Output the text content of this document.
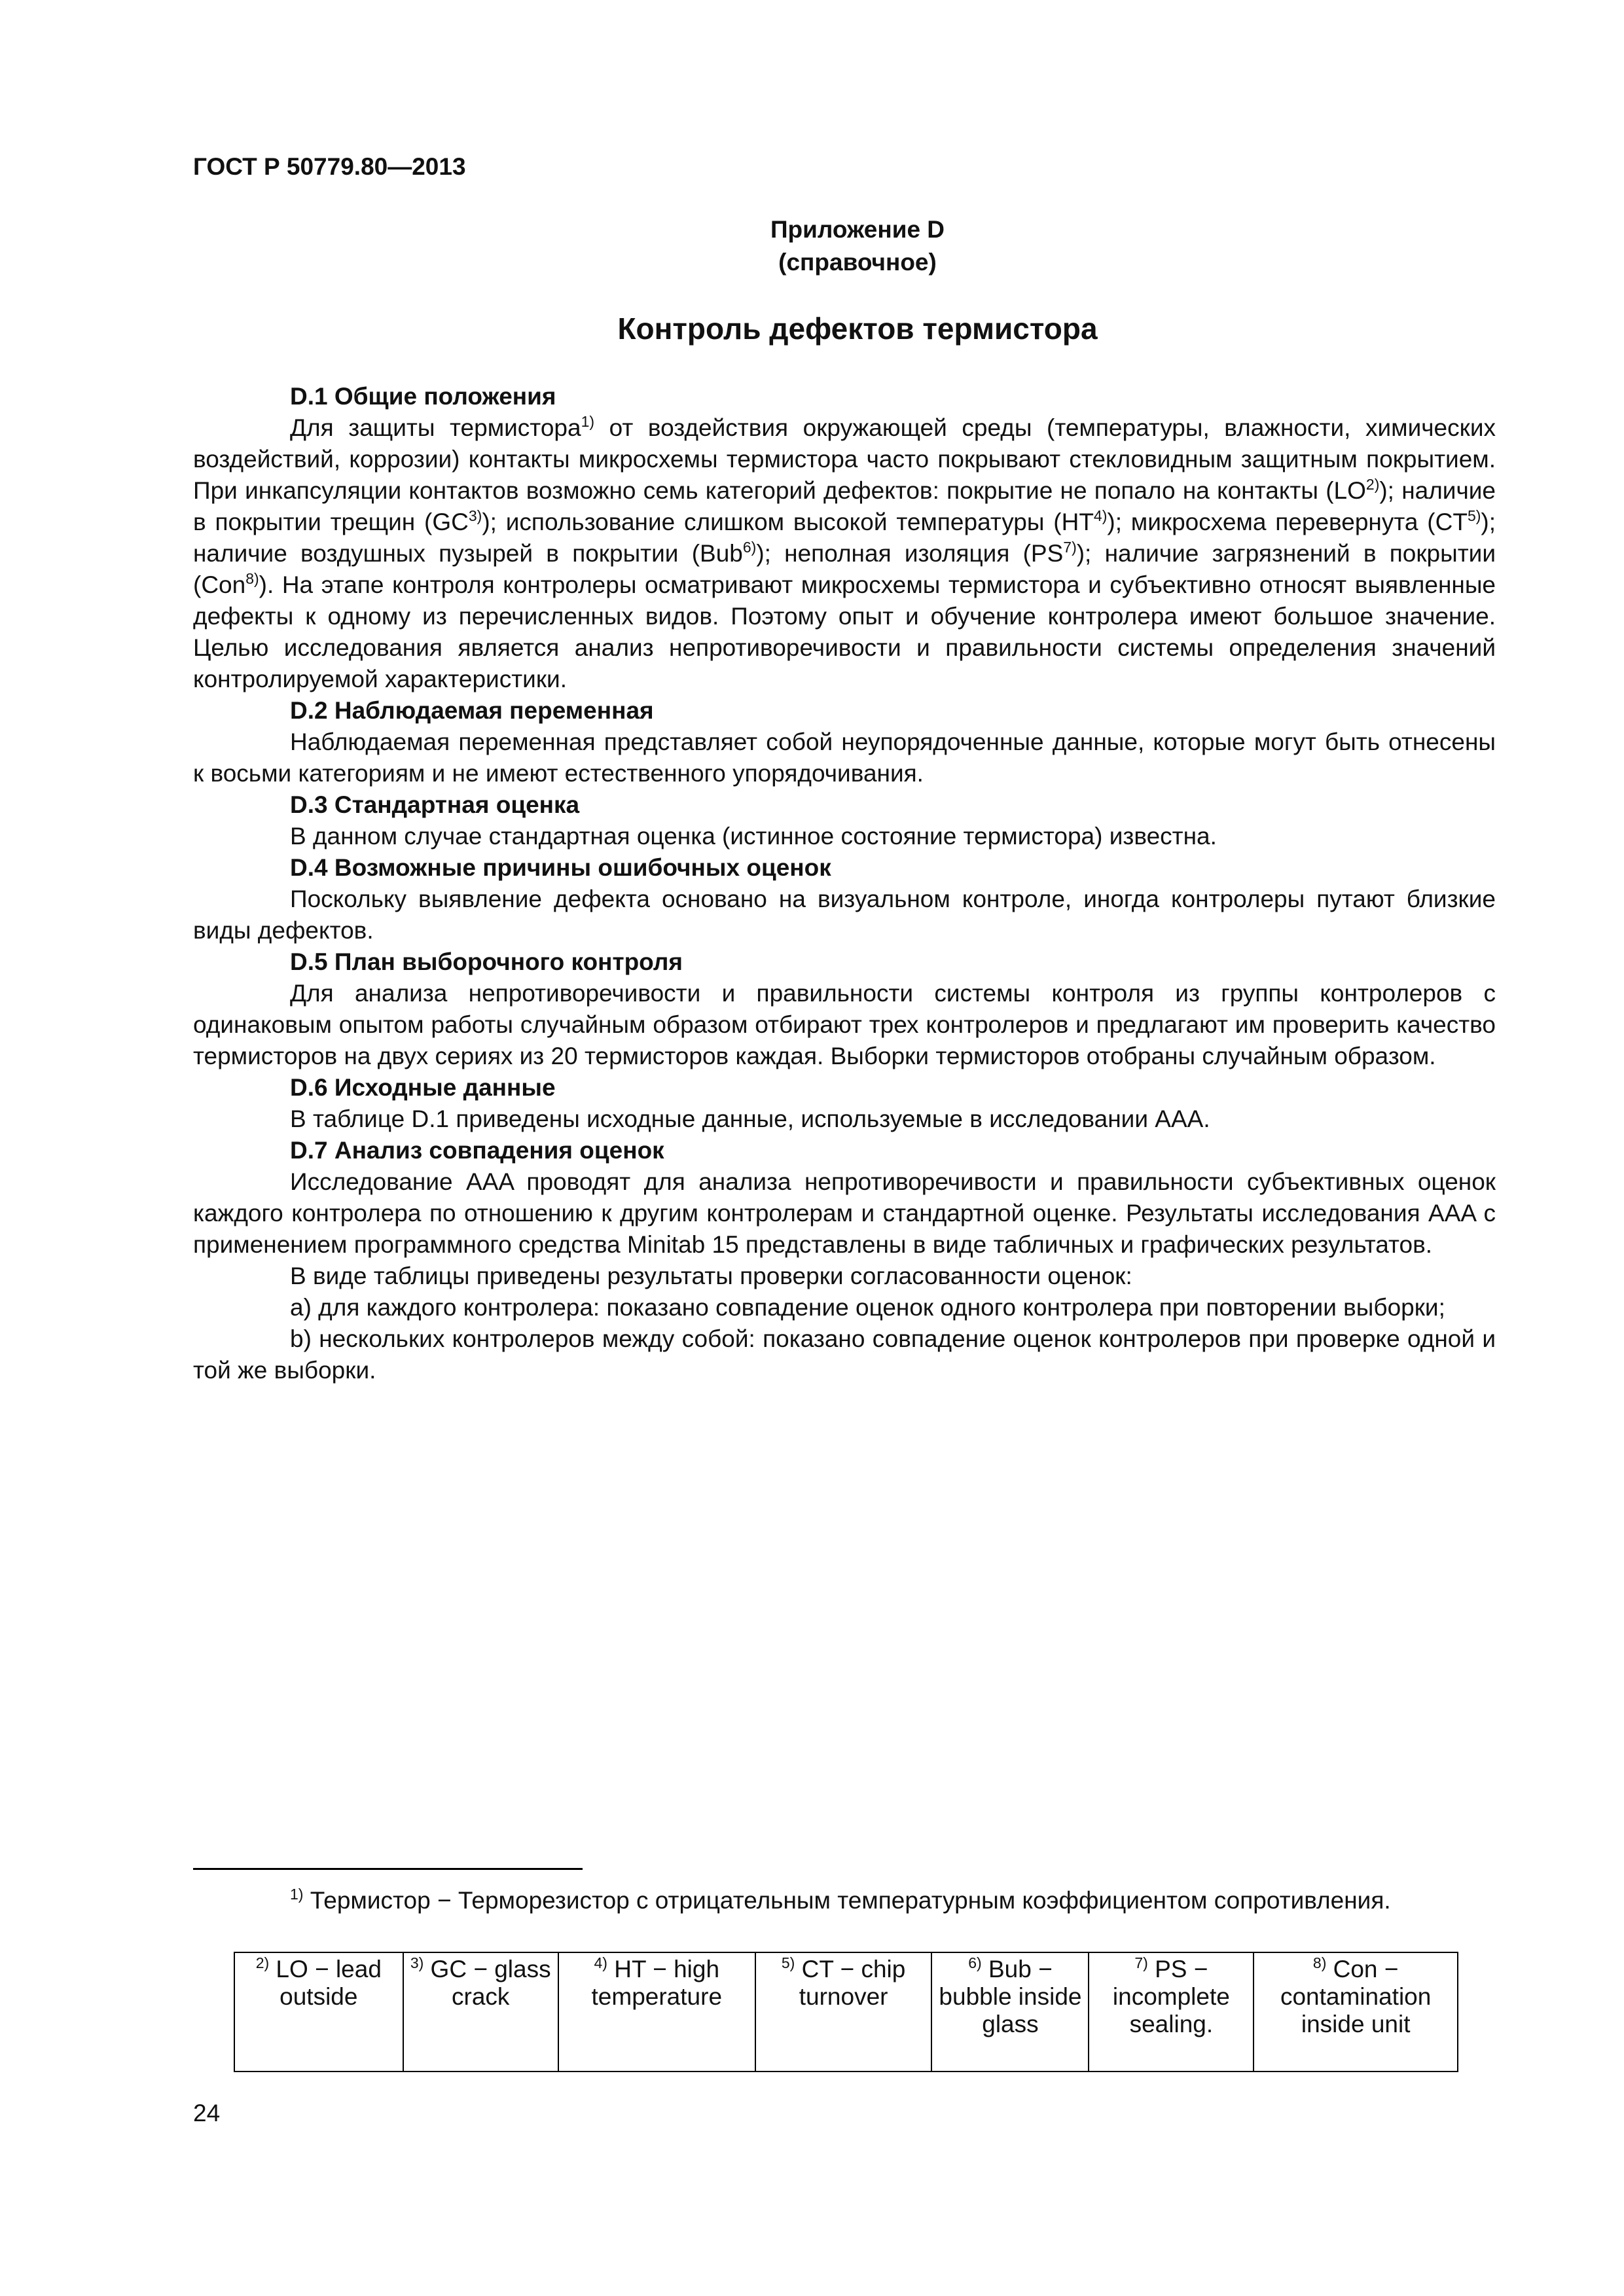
ГОСТ Р 50779.80—2013
Приложение D
(справочное)
Контроль дефектов термистора
D.1 Общие положения

Для защиты термистора$^{1)}$ от воздействия окружающей среды (температуры, влажности, химических воздействий, коррозии) контакты микросхемы термистора часто покрывают стекловидным защитным покрытием. При инкапсуляции контактов возможно семь категорий дефектов: покрытие не попало на контакты (LO$^{2)}$); наличие в покрытии трещин (GC$^{3)}$); использование слишком высокой температуры (HT$^{4)}$); микросхема перевернута (CT$^{5)}$); наличие воздушных пузырей в покрытии (Bub$^{6)}$); неполная изоляция (PS$^{7)}$); наличие загрязнений в покрытии (Con$^{8)}$). На этапе контроля контролеры осматривают микросхемы термистора и субъективно относят выявленные дефекты к одному из перечисленных видов. Поэтому опыт и обучение контролера имеют большое значение. Целью исследования является анализ непротиворечивости и правильности системы определения значений контролируемой характеристики.

D.2 Наблюдаемая переменная

Наблюдаемая переменная представляет собой неупорядоченные данные, которые могут быть отнесены к восьми категориям и не имеют естественного упорядочивания.

D.3 Стандартная оценка

В данном случае стандартная оценка (истинное состояние термистора) известна.

D.4 Возможные причины ошибочных оценок

Поскольку выявление дефекта основано на визуальном контроле, иногда контролеры путают близкие виды дефектов.

D.5 План выборочного контроля

Для анализа непротиворечивости и правильности системы контроля из группы контролеров с одинаковым опытом работы случайным образом отбирают трех контролеров и предлагают им проверить качество термисторов на двух сериях из 20 термисторов каждая. Выборки термисторов отобраны случайным образом.

D.6 Исходные данные

В таблице D.1 приведены исходные данные, используемые в исследовании AAA.

D.7 Анализ совпадения оценок

Исследование AAA проводят для анализа непротиворечивости и правильности субъективных оценок каждого контролера по отношению к другим контролерам и стандартной оценке. Результаты исследования AAA с применением программного средства Minitab 15 представлены в виде табличных и графических результатов.

В виде таблицы приведены результаты проверки согласованности оценок:

a) для каждого контролера: показано совпадение оценок одного контролера при повторении выборки;

b) нескольких контролеров между собой: показано совпадение оценок контролеров при проверке одной и той же выборки.

$^{1)}$ Термистор − Терморезистор с отрицательным температурным коэффициентом сопротивления.

$^{2)}$ LO − lead outside	$^{3)}$ GC − glass crack	$^{4)}$ HT − high temperature	$^{5)}$ CT − chip turnover	$^{6)}$ Bub − bubble inside glass	$^{7)}$ PS − incomplete sealing.	$^{8)}$ Con − contamination inside unit
24
